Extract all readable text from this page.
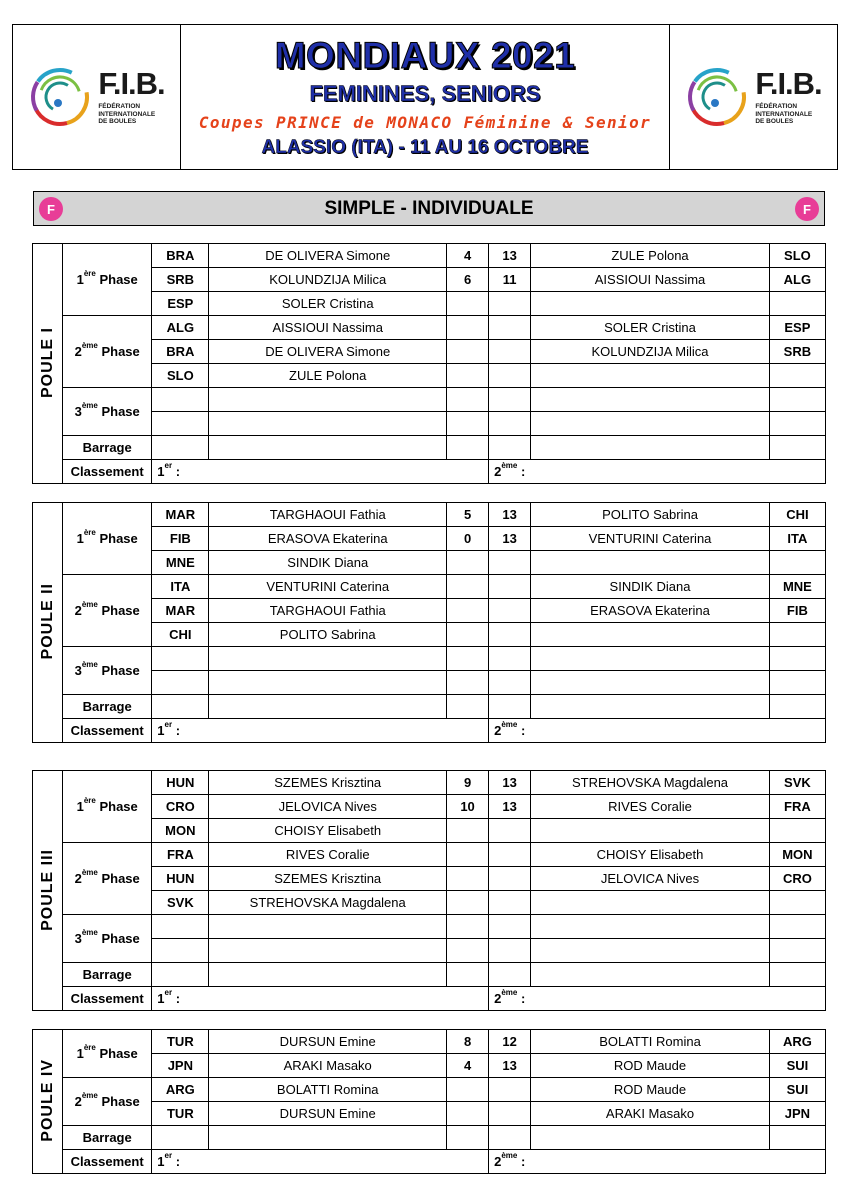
F.I.B.
FÉDÉRATION
INTERNATIONALE
DE BOULES
MONDIAUX 2021
FEMININES, SENIORS
Coupes PRINCE de MONACO Féminine & Senior
ALASSIO (ITA) - 11 AU 16 OCTOBRE
F.I.B.
FÉDÉRATION
INTERNATIONALE
DE BOULES
F	SIMPLE - INDIVIDUALE	F
POULE I	1ère Phase	BRA	DE OLIVERA Simone	4	13	ZULE Polona	SLO
		SRB	KOLUNDZIJA Milica	6	11	AISSIOUI Nassima	ALG
		ESP	SOLER Cristina				
	2ème Phase	ALG	AISSIOUI Nassima			SOLER Cristina	ESP
		BRA	DE OLIVERA Simone			KOLUNDZIJA Milica	SRB
		SLO	ZULE Polona				
	3ème Phase						

	Barrage						
	Classement	1er :			2ème :		
POULE II	1ère Phase	MAR	TARGHAOUI Fathia	5	13	POLITO Sabrina	CHI
		FIB	ERASOVA Ekaterina	0	13	VENTURINI Caterina	ITA
		MNE	SINDIK Diana				
	2ème Phase	ITA	VENTURINI Caterina			SINDIK Diana	MNE
		MAR	TARGHAOUI Fathia			ERASOVA Ekaterina	FIB
		CHI	POLITO Sabrina				
	3ème Phase						

	Barrage						
	Classement	1er :			2ème :		
POULE III	1ère Phase	HUN	SZEMES Krisztina	9	13	STREHOVSKA Magdalena	SVK
		CRO	JELOVICA Nives	10	13	RIVES Coralie	FRA
		MON	CHOISY Elisabeth				
	2ème Phase	FRA	RIVES Coralie			CHOISY Elisabeth	MON
		HUN	SZEMES Krisztina			JELOVICA Nives	CRO
		SVK	STREHOVSKA Magdalena				
	3ème Phase						

	Barrage						
	Classement	1er :			2ème :		
POULE IV	1ère Phase	TUR	DURSUN Emine	8	12	BOLATTI Romina	ARG
		JPN	ARAKI Masako	4	13	ROD Maude	SUI
	2ème Phase	ARG	BOLATTI Romina			ROD Maude	SUI
		TUR	DURSUN Emine			ARAKI Masako	JPN
	Barrage						
	Classement	1er :			2ème :		
